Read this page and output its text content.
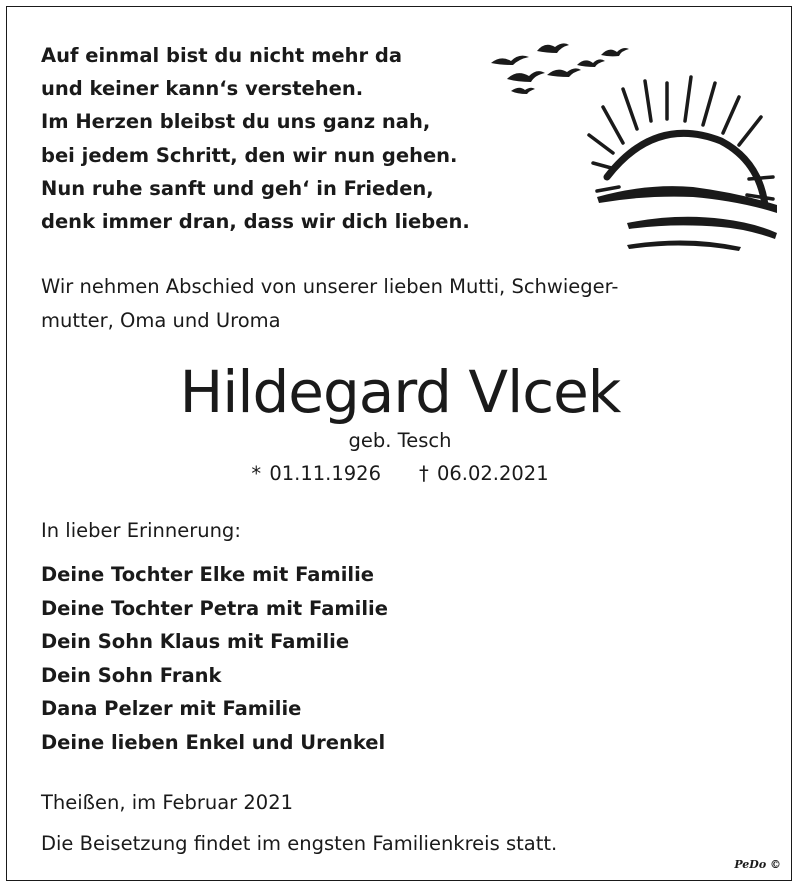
Auf einmal bist du nicht mehr da
und keiner kann‘s verstehen.
Im Herzen bleibst du uns ganz nah,
bei jedem Schritt, den wir nun gehen.
Nun ruhe sanft und geh‘ in Frieden,
denk immer dran, dass wir dich lieben.
Wir nehmen Abschied von unserer lieben Mutti, Schwieger-
mutter, Oma und Uroma
Hildegard Vlcek
geb. Tesch
* 01.11.1926 † 06.02.2021
In lieber Erinnerung:
Deine Tochter Elke mit Familie
Deine Tochter Petra mit Familie
Dein Sohn Klaus mit Familie
Dein Sohn Frank
Dana Pelzer mit Familie
Deine lieben Enkel und Urenkel
Theißen, im Februar 2021
Die Beisetzung findet im engsten Familienkreis statt.
PeDo ©
